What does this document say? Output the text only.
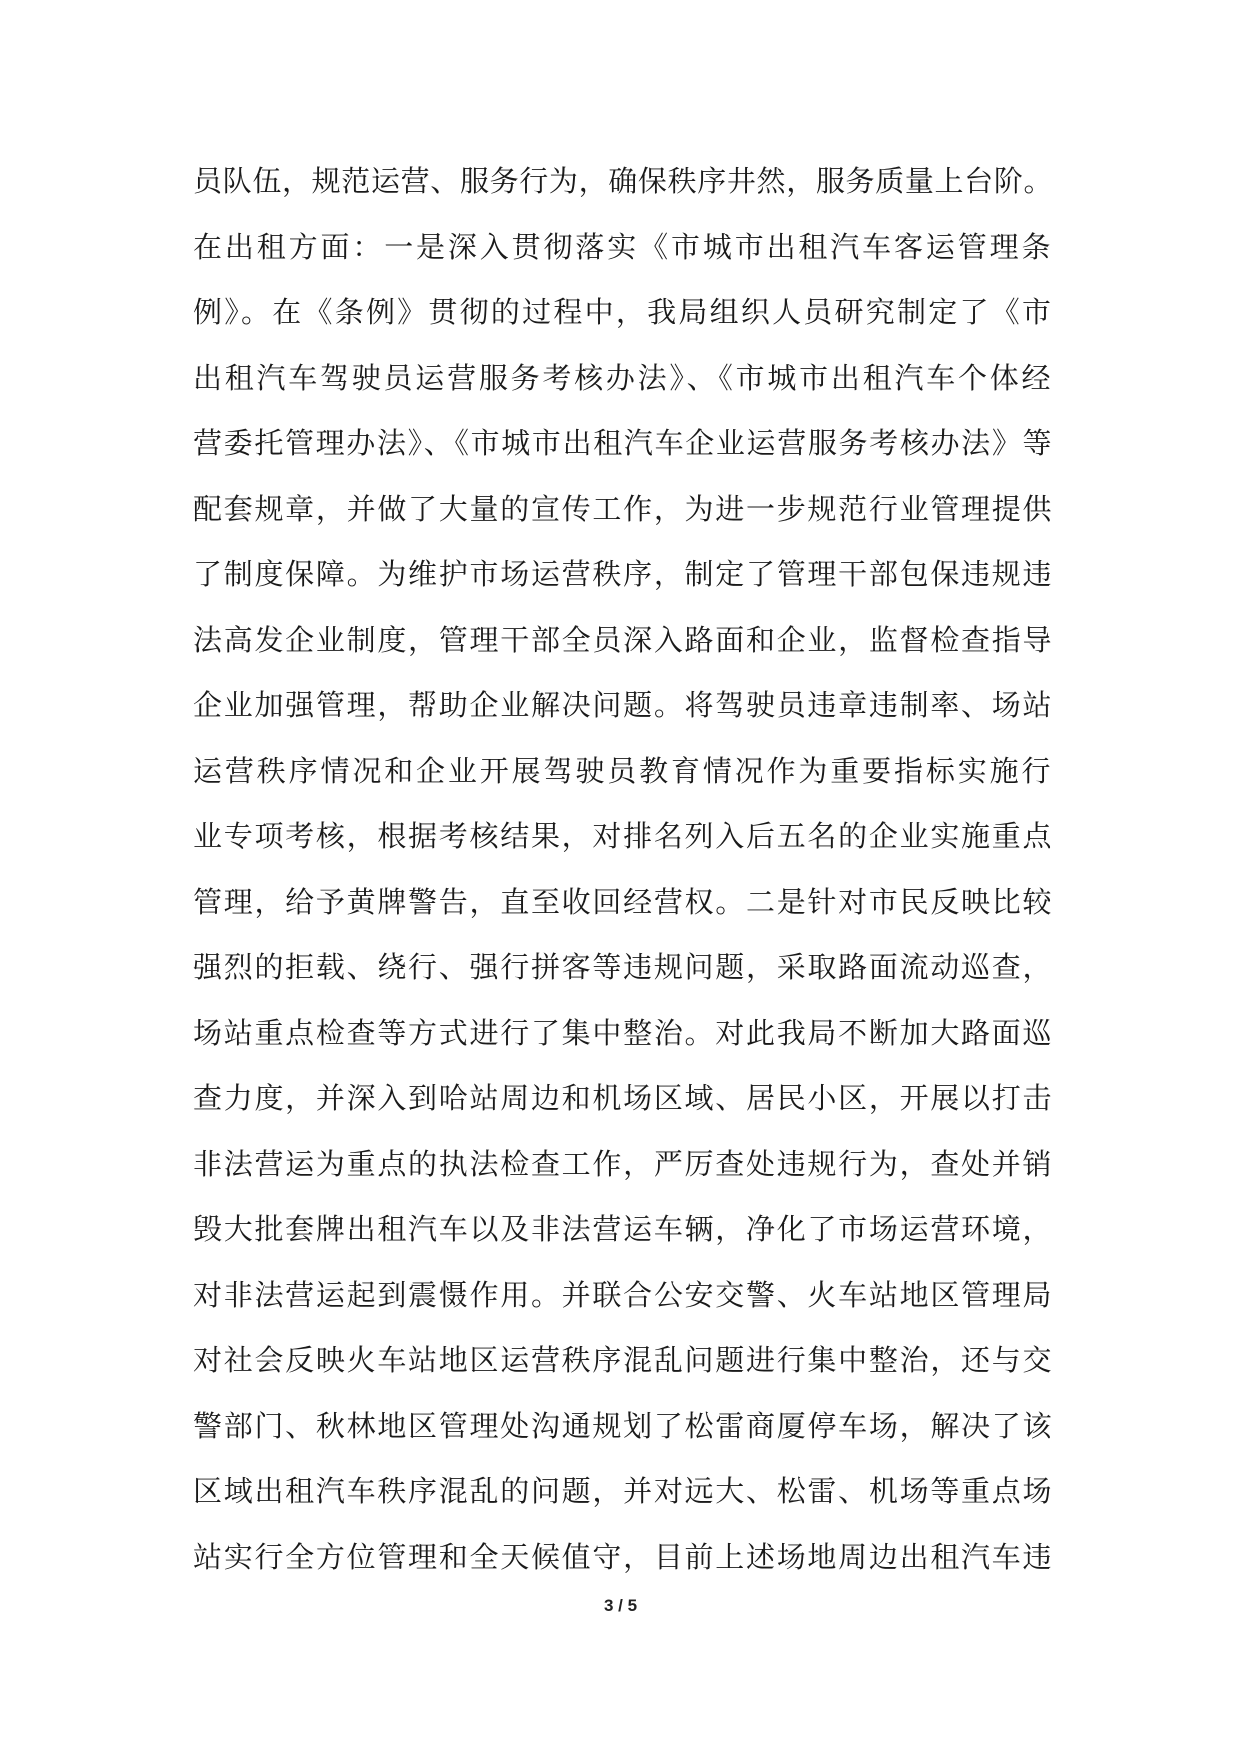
员队伍，规范运营、服务行为，确保秩序井然，服务质量上台阶。
在出租方面：一是深入贯彻落实《市城市出租汽车客运管理条
例》。在《条例》贯彻的过程中，我局组织人员研究制定了《市
出租汽车驾驶员运营服务考核办法》、《市城市出租汽车个体经
营委托管理办法》、《市城市出租汽车企业运营服务考核办法》等
配套规章，并做了大量的宣传工作，为进一步规范行业管理提供
了制度保障。为维护市场运营秩序，制定了管理干部包保违规违
法高发企业制度，管理干部全员深入路面和企业，监督检查指导
企业加强管理，帮助企业解决问题。将驾驶员违章违制率、场站
运营秩序情况和企业开展驾驶员教育情况作为重要指标实施行
业专项考核，根据考核结果，对排名列入后五名的企业实施重点
管理，给予黄牌警告，直至收回经营权。二是针对市民反映比较
强烈的拒载、绕行、强行拼客等违规问题，采取路面流动巡查，
场站重点检查等方式进行了集中整治。对此我局不断加大路面巡
查力度，并深入到哈站周边和机场区域、居民小区，开展以打击
非法营运为重点的执法检查工作，严厉查处违规行为，查处并销
毁大批套牌出租汽车以及非法营运车辆，净化了市场运营环境，
对非法营运起到震慑作用。并联合公安交警、火车站地区管理局
对社会反映火车站地区运营秩序混乱问题进行集中整治，还与交
警部门、秋林地区管理处沟通规划了松雷商厦停车场，解决了该
区域出租汽车秩序混乱的问题，并对远大、松雷、机场等重点场
站实行全方位管理和全天候值守，目前上述场地周边出租汽车违
3 / 5
